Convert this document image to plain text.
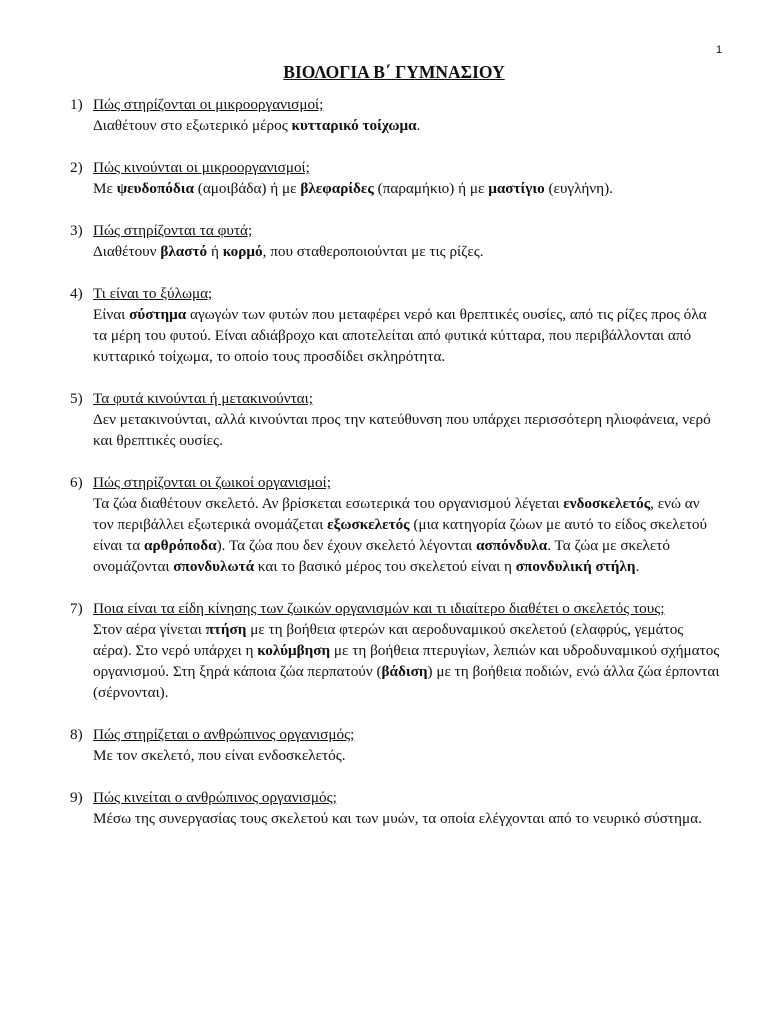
1
ΒΙΟΛΟΓΙΑ Β΄ ΓΥΜΝΑΣΙΟΥ
1) Πώς στηρίζονται οι μικροοργανισμοί;
Διαθέτουν στο εξωτερικό μέρος κυτταρικό τοίχωμα.
2) Πώς κινούνται οι μικροοργανισμοί;
Με ψευδοπόδια (αμοιβάδα) ή με βλεφαρίδες (παραμήκιο) ή με μαστίγιο (ευγλήνη).
3) Πώς στηρίζονται τα φυτά;
Διαθέτουν βλαστό ή κορμό, που σταθεροποιούνται με τις ρίζες.
4) Τι είναι το ξύλωμα;
Είναι σύστημα αγωγών των φυτών που μεταφέρει νερό και θρεπτικές ουσίες, από τις ρίζες προς όλα τα μέρη του φυτού. Είναι αδιάβροχο και αποτελείται από φυτικά κύτταρα, που περιβάλλονται από κυτταρικό τοίχωμα, το οποίο τους προσδίδει σκληρότητα.
5) Τα φυτά κινούνται ή μετακινούνται;
Δεν μετακινούνται, αλλά κινούνται προς την κατεύθυνση που υπάρχει περισσότερη ηλιοφάνεια, νερό και θρεπτικές ουσίες.
6) Πώς στηρίζονται οι ζωικοί οργανισμοί;
Τα ζώα διαθέτουν σκελετό. Αν βρίσκεται εσωτερικά του οργανισμού λέγεται ενδοσκελετός, ενώ αν τον περιβάλλει εξωτερικά ονομάζεται εξωσκελετός (μια κατηγορία ζώων με αυτό το είδος σκελετού είναι τα αρθρόποδα). Τα ζώα που δεν έχουν σκελετό λέγονται ασπόνδυλα. Τα ζώα με σκελετό ονομάζονται σπονδυλωτά και το βασικό μέρος του σκελετού είναι η σπονδυλική στήλη.
7) Ποια είναι τα είδη κίνησης των ζωικών οργανισμών και τι ιδιαίτερο διαθέτει ο σκελετός τους;
Στον αέρα γίνεται πτήση με τη βοήθεια φτερών και αεροδυναμικού σκελετού (ελαφρύς, γεμάτος αέρα). Στο νερό υπάρχει η κολύμβηση με τη βοήθεια πτερυγίων, λεπιών και υδροδυναμικού σχήματος οργανισμού. Στη ξηρά κάποια ζώα περπατούν (βάδιση) με τη βοήθεια ποδιών, ενώ άλλα ζώα έρπονται (σέρνονται).
8) Πώς στηρίζεται ο ανθρώπινος οργανισμός;
Με τον σκελετό, που είναι ενδοσκελετός.
9) Πώς κινείται ο ανθρώπινος οργανισμός;
Μέσω της συνεργασίας τους σκελετού και των μυών, τα οποία ελέγχονται από το νευρικό σύστημα.
